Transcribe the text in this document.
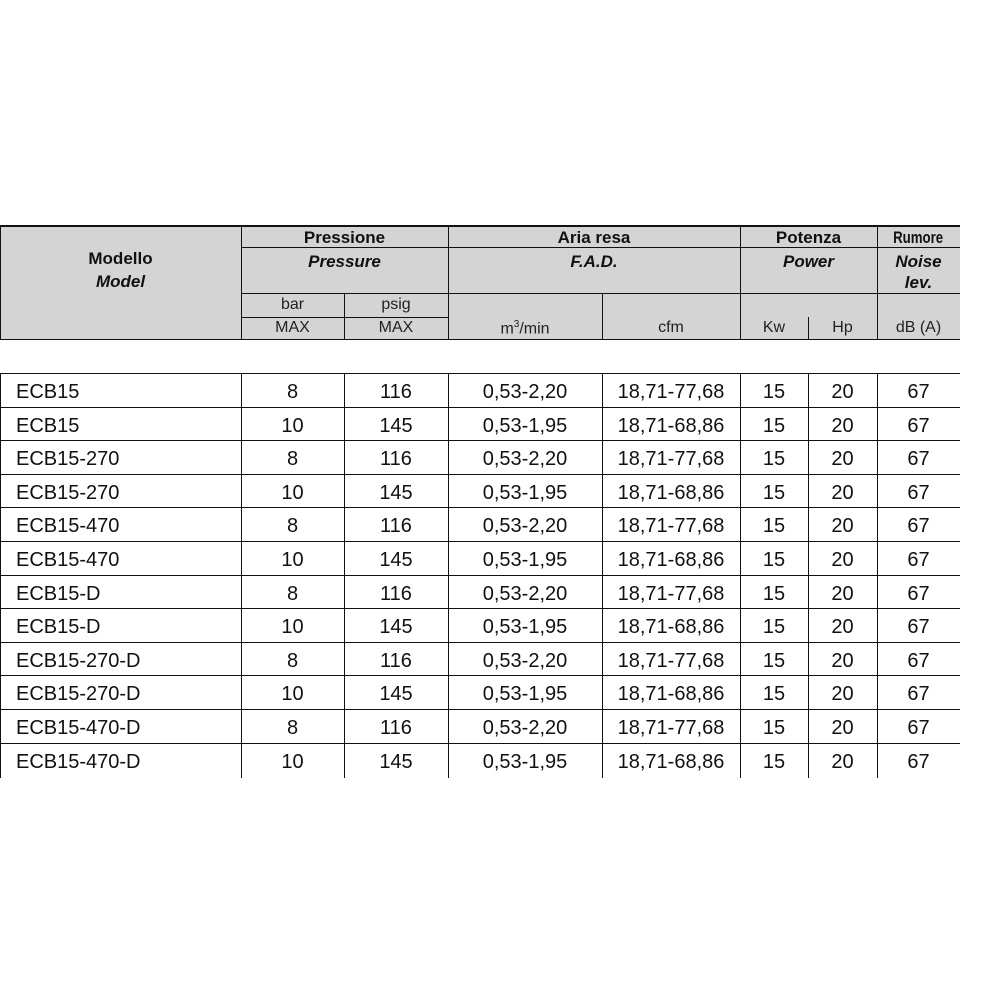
Modello
Model
Pressione
Pressure
Aria resa
F.A.D.
Potenza
Power
Rumore
Noise
lev.
bar	psig
MAX	MAX	$m^3/\min$	cfm	Kw	Hp	dB (A)
ECB15	8	116	0,53-2,20	18,71-77,68	15	20	67
ECB15	10	145	0,53-1,95	18,71-68,86	15	20	67
ECB15-270	8	116	0,53-2,20	18,71-77,68	15	20	67
ECB15-270	10	145	0,53-1,95	18,71-68,86	15	20	67
ECB15-470	8	116	0,53-2,20	18,71-77,68	15	20	67
ECB15-470	10	145	0,53-1,95	18,71-68,86	15	20	67
ECB15-D	8	116	0,53-2,20	18,71-77,68	15	20	67
ECB15-D	10	145	0,53-1,95	18,71-68,86	15	20	67
ECB15-270-D	8	116	0,53-2,20	18,71-77,68	15	20	67
ECB15-270-D	10	145	0,53-1,95	18,71-68,86	15	20	67
ECB15-470-D	8	116	0,53-2,20	18,71-77,68	15	20	67
ECB15-470-D	10	145	0,53-1,95	18,71-68,86	15	20	67
